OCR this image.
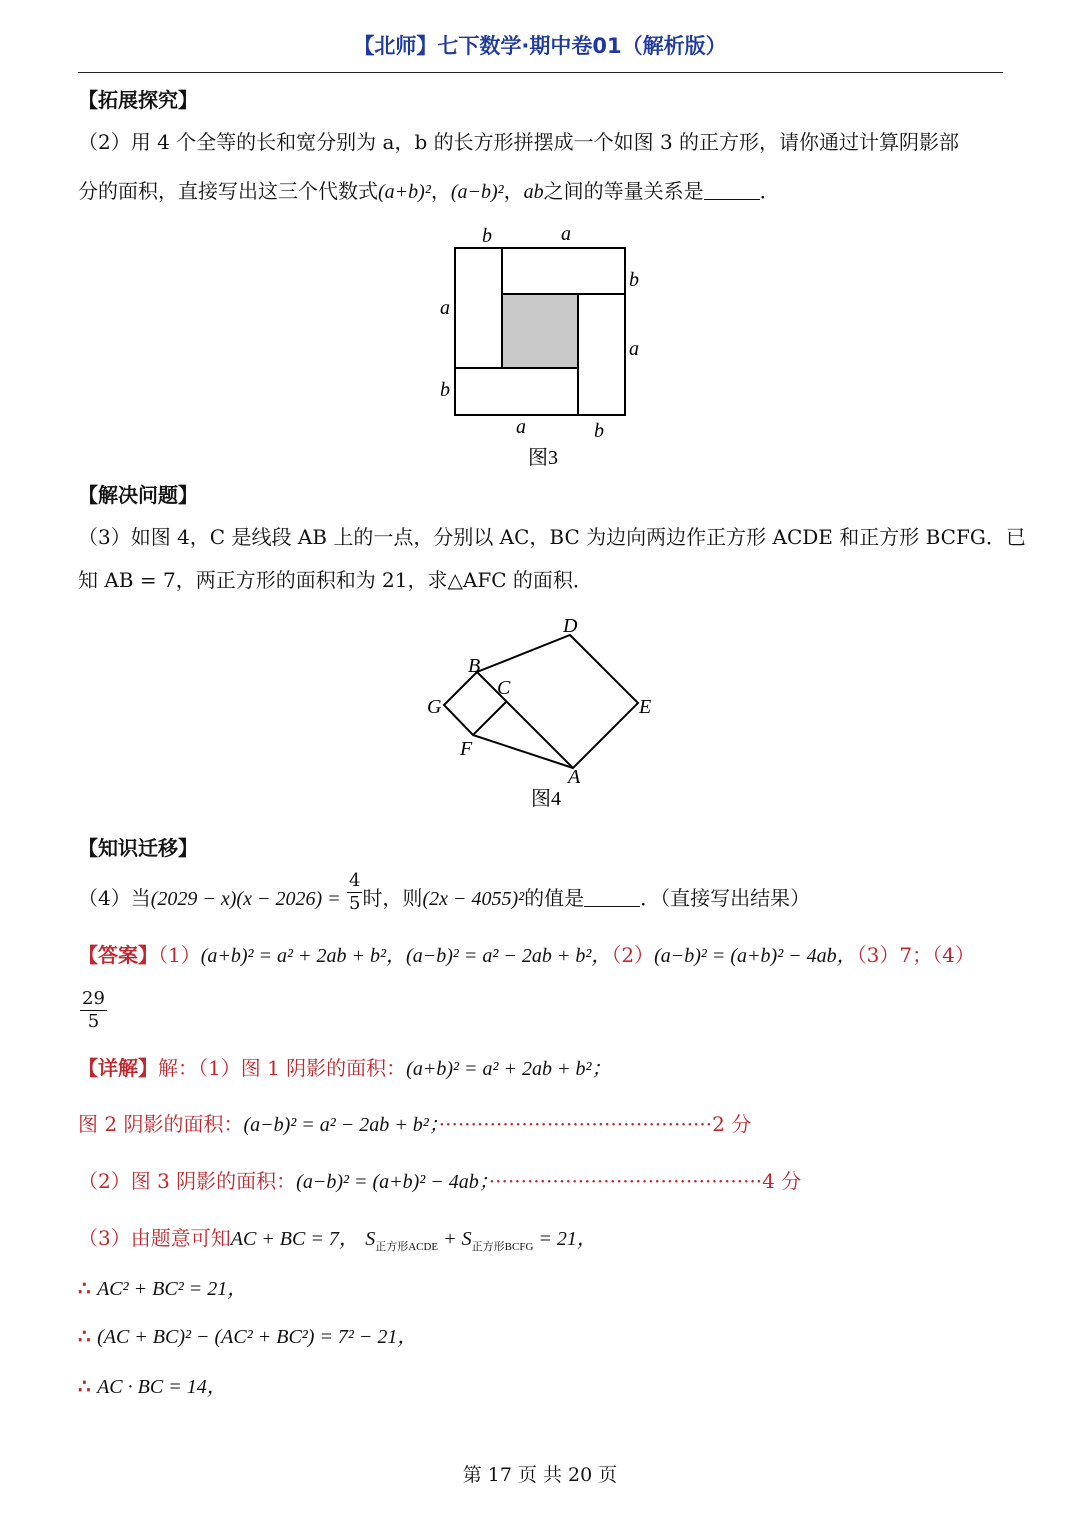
【北师】七下数学·期中卷01（解析版）
【拓展探究】
（2）用 4 个全等的长和宽分别为 a，b 的长方形拼摆成一个如图 3 的正方形，请你通过计算阴影部
分的面积，直接写出这三个代数式(a+b)²，(a−b)²，ab之间的等量关系是	．
b	a
b
a
a
b
a	b
图3
【解决问题】
（3）如图 4，C 是线段 AB 上的一点，分别以 AC，BC 为边向两边作正方形 ACDE 和正方形 BCFG．已
知 AB = 7，两正方形的面积和为 21，求△AFC 的面积．
D
B
C
G	E
F
A
图4
【知识迁移】
（4）当$(2029 - x)(x - 2026) = \frac{4}{5}$ 时，则(2x − 4055)²的值是	．（直接写出结果）
【答案】（1）(a+b)² = a² + 2ab + b²，(a−b)² = a² − 2ab + b²，（2）(a−b)² = (a+b)² − 4ab，（3）7；（4）
$\frac{29}{5}$
【详解】解：（1）图 1 阴影的面积：(a+b)² = a² + 2ab + b²；
图 2 阴影的面积：(a−b)² = a² − 2ab + b²；···········································2 分
（2）图 3 阴影的面积：(a−b)² = (a+b)² − 4ab；···········································4 分
（3）由题意可知AC + BC = 7， $S_{正方形ACDE} + S_{正方形BCFG} = 21$，
∴ AC² + BC² = 21，
∴ (AC + BC)² − (AC² + BC²) = 7² − 21，
∴ AC · BC = 14，
第 17 页 共 20 页
